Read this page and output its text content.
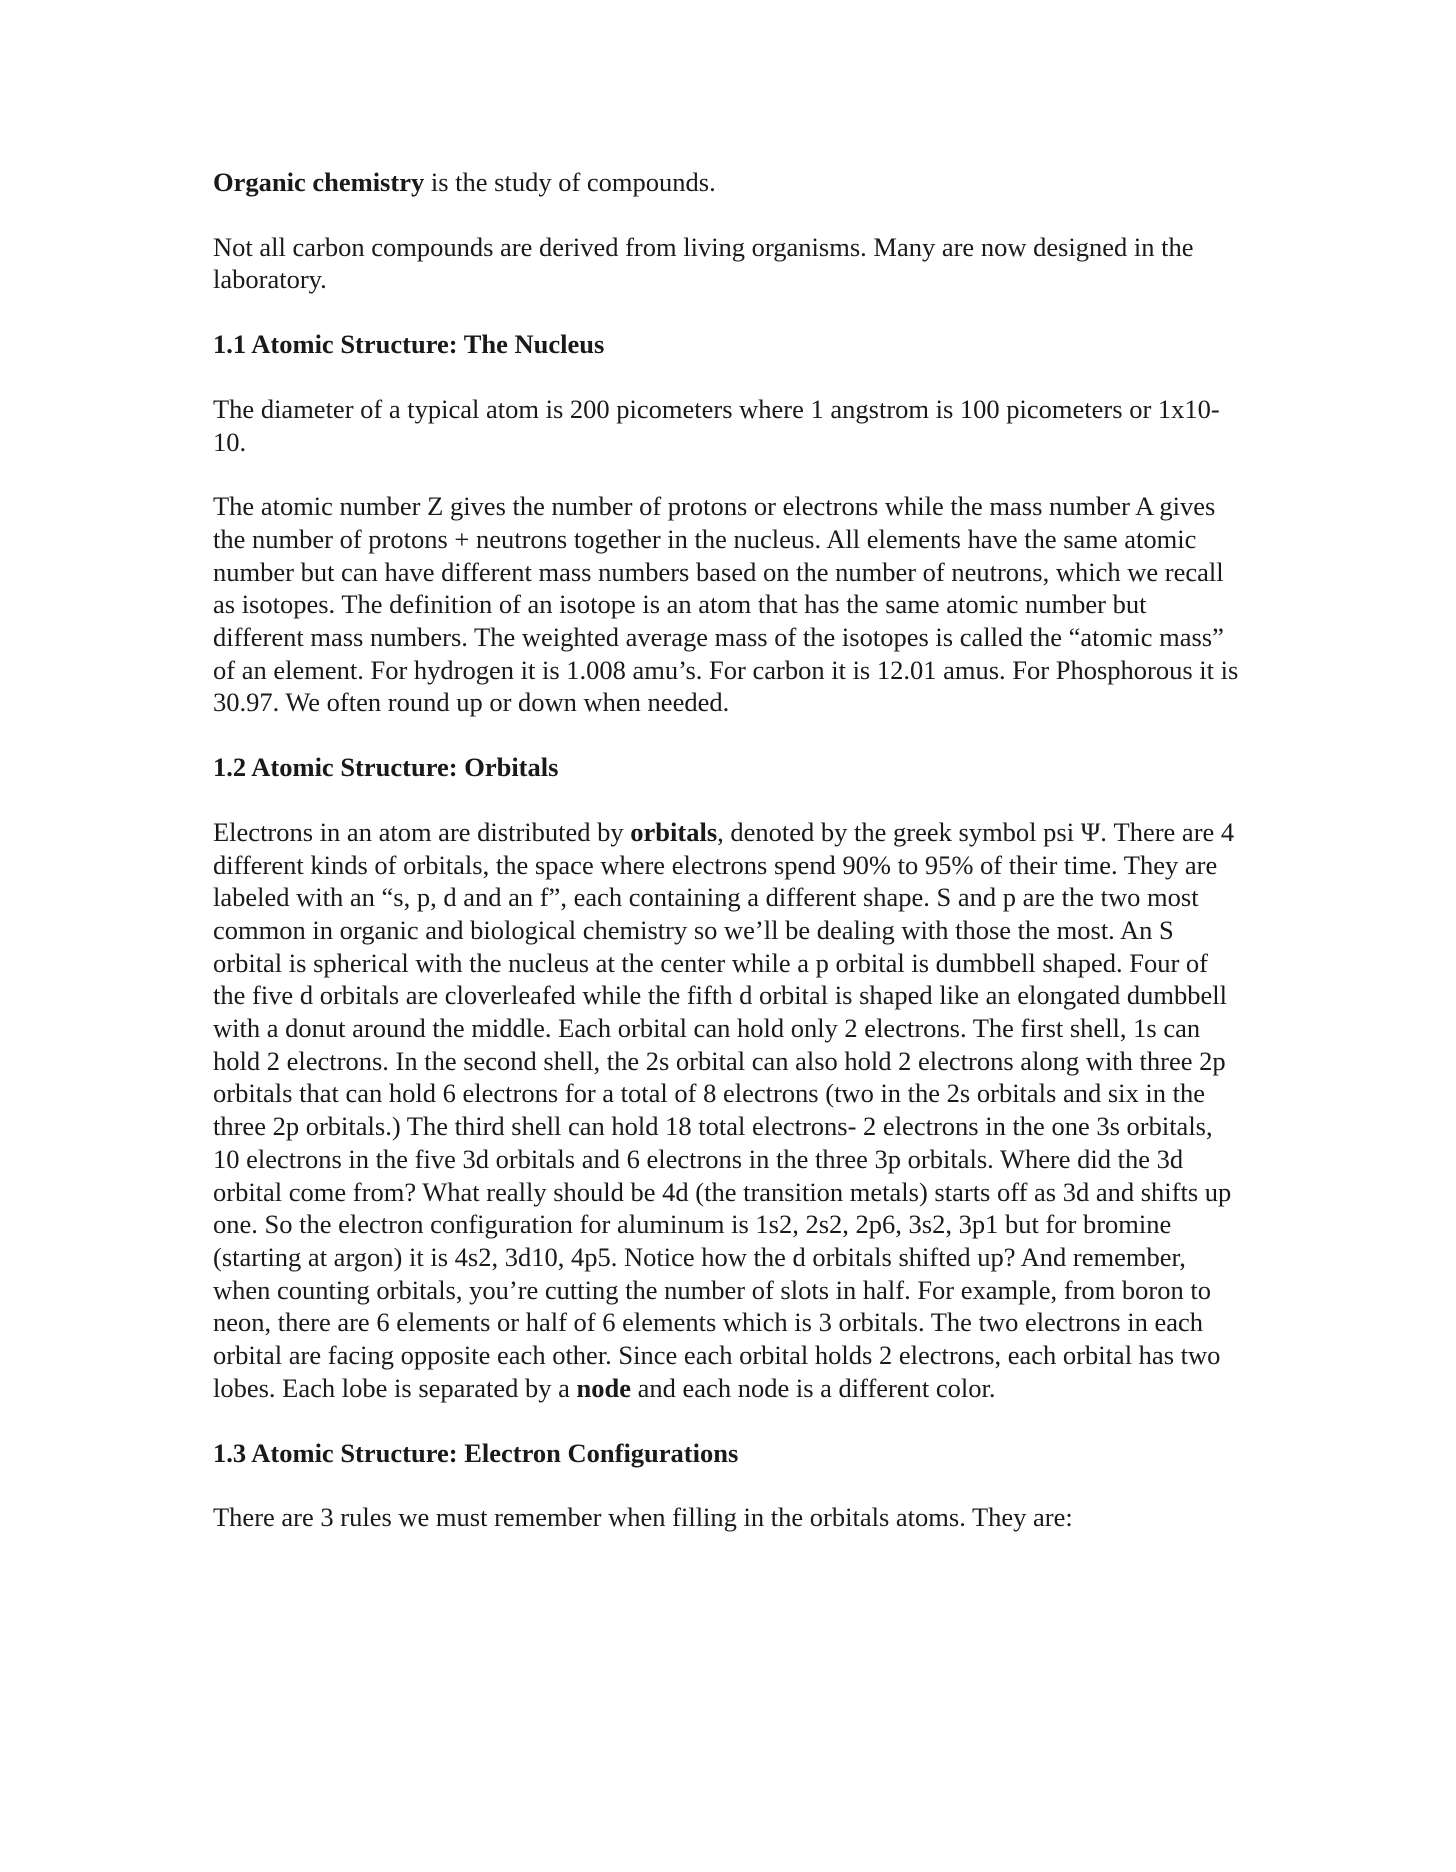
Organic chemistry is the study of compounds.

Not all carbon compounds are derived from living organisms. Many are now designed in the laboratory.

1.1 Atomic Structure: The Nucleus

The diameter of a typical atom is 200 picometers where 1 angstrom is 100 picometers or 1x10-10.

The atomic number Z gives the number of protons or electrons while the mass number A gives the number of protons + neutrons together in the nucleus. All elements have the same atomic number but can have different mass numbers based on the number of neutrons, which we recall as isotopes. The definition of an isotope is an atom that has the same atomic number but different mass numbers. The weighted average mass of the isotopes is called the “atomic mass” of an element. For hydrogen it is 1.008 amu’s. For carbon it is 12.01 amus. For Phosphorous it is 30.97. We often round up or down when needed.

1.2 Atomic Structure: Orbitals

Electrons in an atom are distributed by orbitals, denoted by the greek symbol psi Ψ. There are 4 different kinds of orbitals, the space where electrons spend 90% to 95% of their time. They are labeled with an “s, p, d and an f”, each containing a different shape. S and p are the two most common in organic and biological chemistry so we’ll be dealing with those the most. An S orbital is spherical with the nucleus at the center while a p orbital is dumbbell shaped. Four of the five d orbitals are cloverleafed while the fifth d orbital is shaped like an elongated dumbbell with a donut around the middle. Each orbital can hold only 2 electrons. The first shell, 1s can hold 2 electrons. In the second shell, the 2s orbital can also hold 2 electrons along with three 2p orbitals that can hold 6 electrons for a total of 8 electrons (two in the 2s orbitals and six in the three 2p orbitals.) The third shell can hold 18 total electrons- 2 electrons in the one 3s orbitals, 10 electrons in the five 3d orbitals and 6 electrons in the three 3p orbitals. Where did the 3d orbital come from? What really should be 4d (the transition metals) starts off as 3d and shifts up one. So the electron configuration for aluminum is 1s2, 2s2, 2p6, 3s2, 3p1 but for bromine (starting at argon) it is 4s2, 3d10, 4p5. Notice how the d orbitals shifted up? And remember, when counting orbitals, you’re cutting the number of slots in half. For example, from boron to neon, there are 6 elements or half of 6 elements which is 3 orbitals. The two electrons in each orbital are facing opposite each other. Since each orbital holds 2 electrons, each orbital has two lobes. Each lobe is separated by a node and each node is a different color.

1.3 Atomic Structure: Electron Configurations

There are 3 rules we must remember when filling in the orbitals atoms. They are:
